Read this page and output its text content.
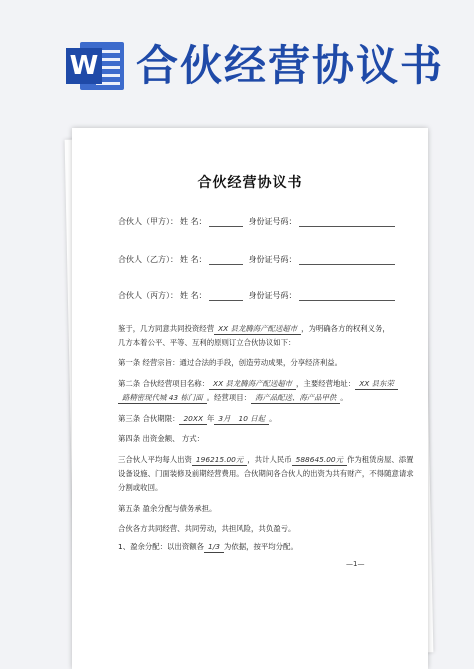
W 合伙经营协议书
合伙经营协议书
合伙人（甲方）： 姓 名：	身份证号码：
合伙人（乙方）： 姓 名：	身份证号码：
合伙人（丙方）： 姓 名：	身份证号码：
鉴于，几方同意共同投资经营 XX 县龙腾海产配送超市 ，为明确各方的权利义务，
几方本着公平、平等、互利的原则订立合伙协议如下：
第一条 经营宗旨：通过合法的手段，创造劳动成果，分享经济利益。
第二条 合伙经营项目名称： XX 县龙腾海产配送超市 ，主要经营地址： XX 县东荣
路精密现代城 43 栋门面 。经营项目： 海产品配送、海产品甲供 。
第三条 合伙期限： 20XX 年 3月 10 日起 。
第四条 出资金额、 方式：
三合伙人平均每人出资 196215.00元 ，共计人民币 588645.00元 作为租赁房屋、添置
设备设施、门面装修及前期经营费用。合伙期间各合伙人的出资为共有财产，不得随意请求
分割或收回。
第五条 盈余分配与债务承担。
合伙各方共同经营、共同劳动，共担风险，共负盈亏。
1、盈余分配：以出资额各 1/3 为依据，按平均分配。
—1—
